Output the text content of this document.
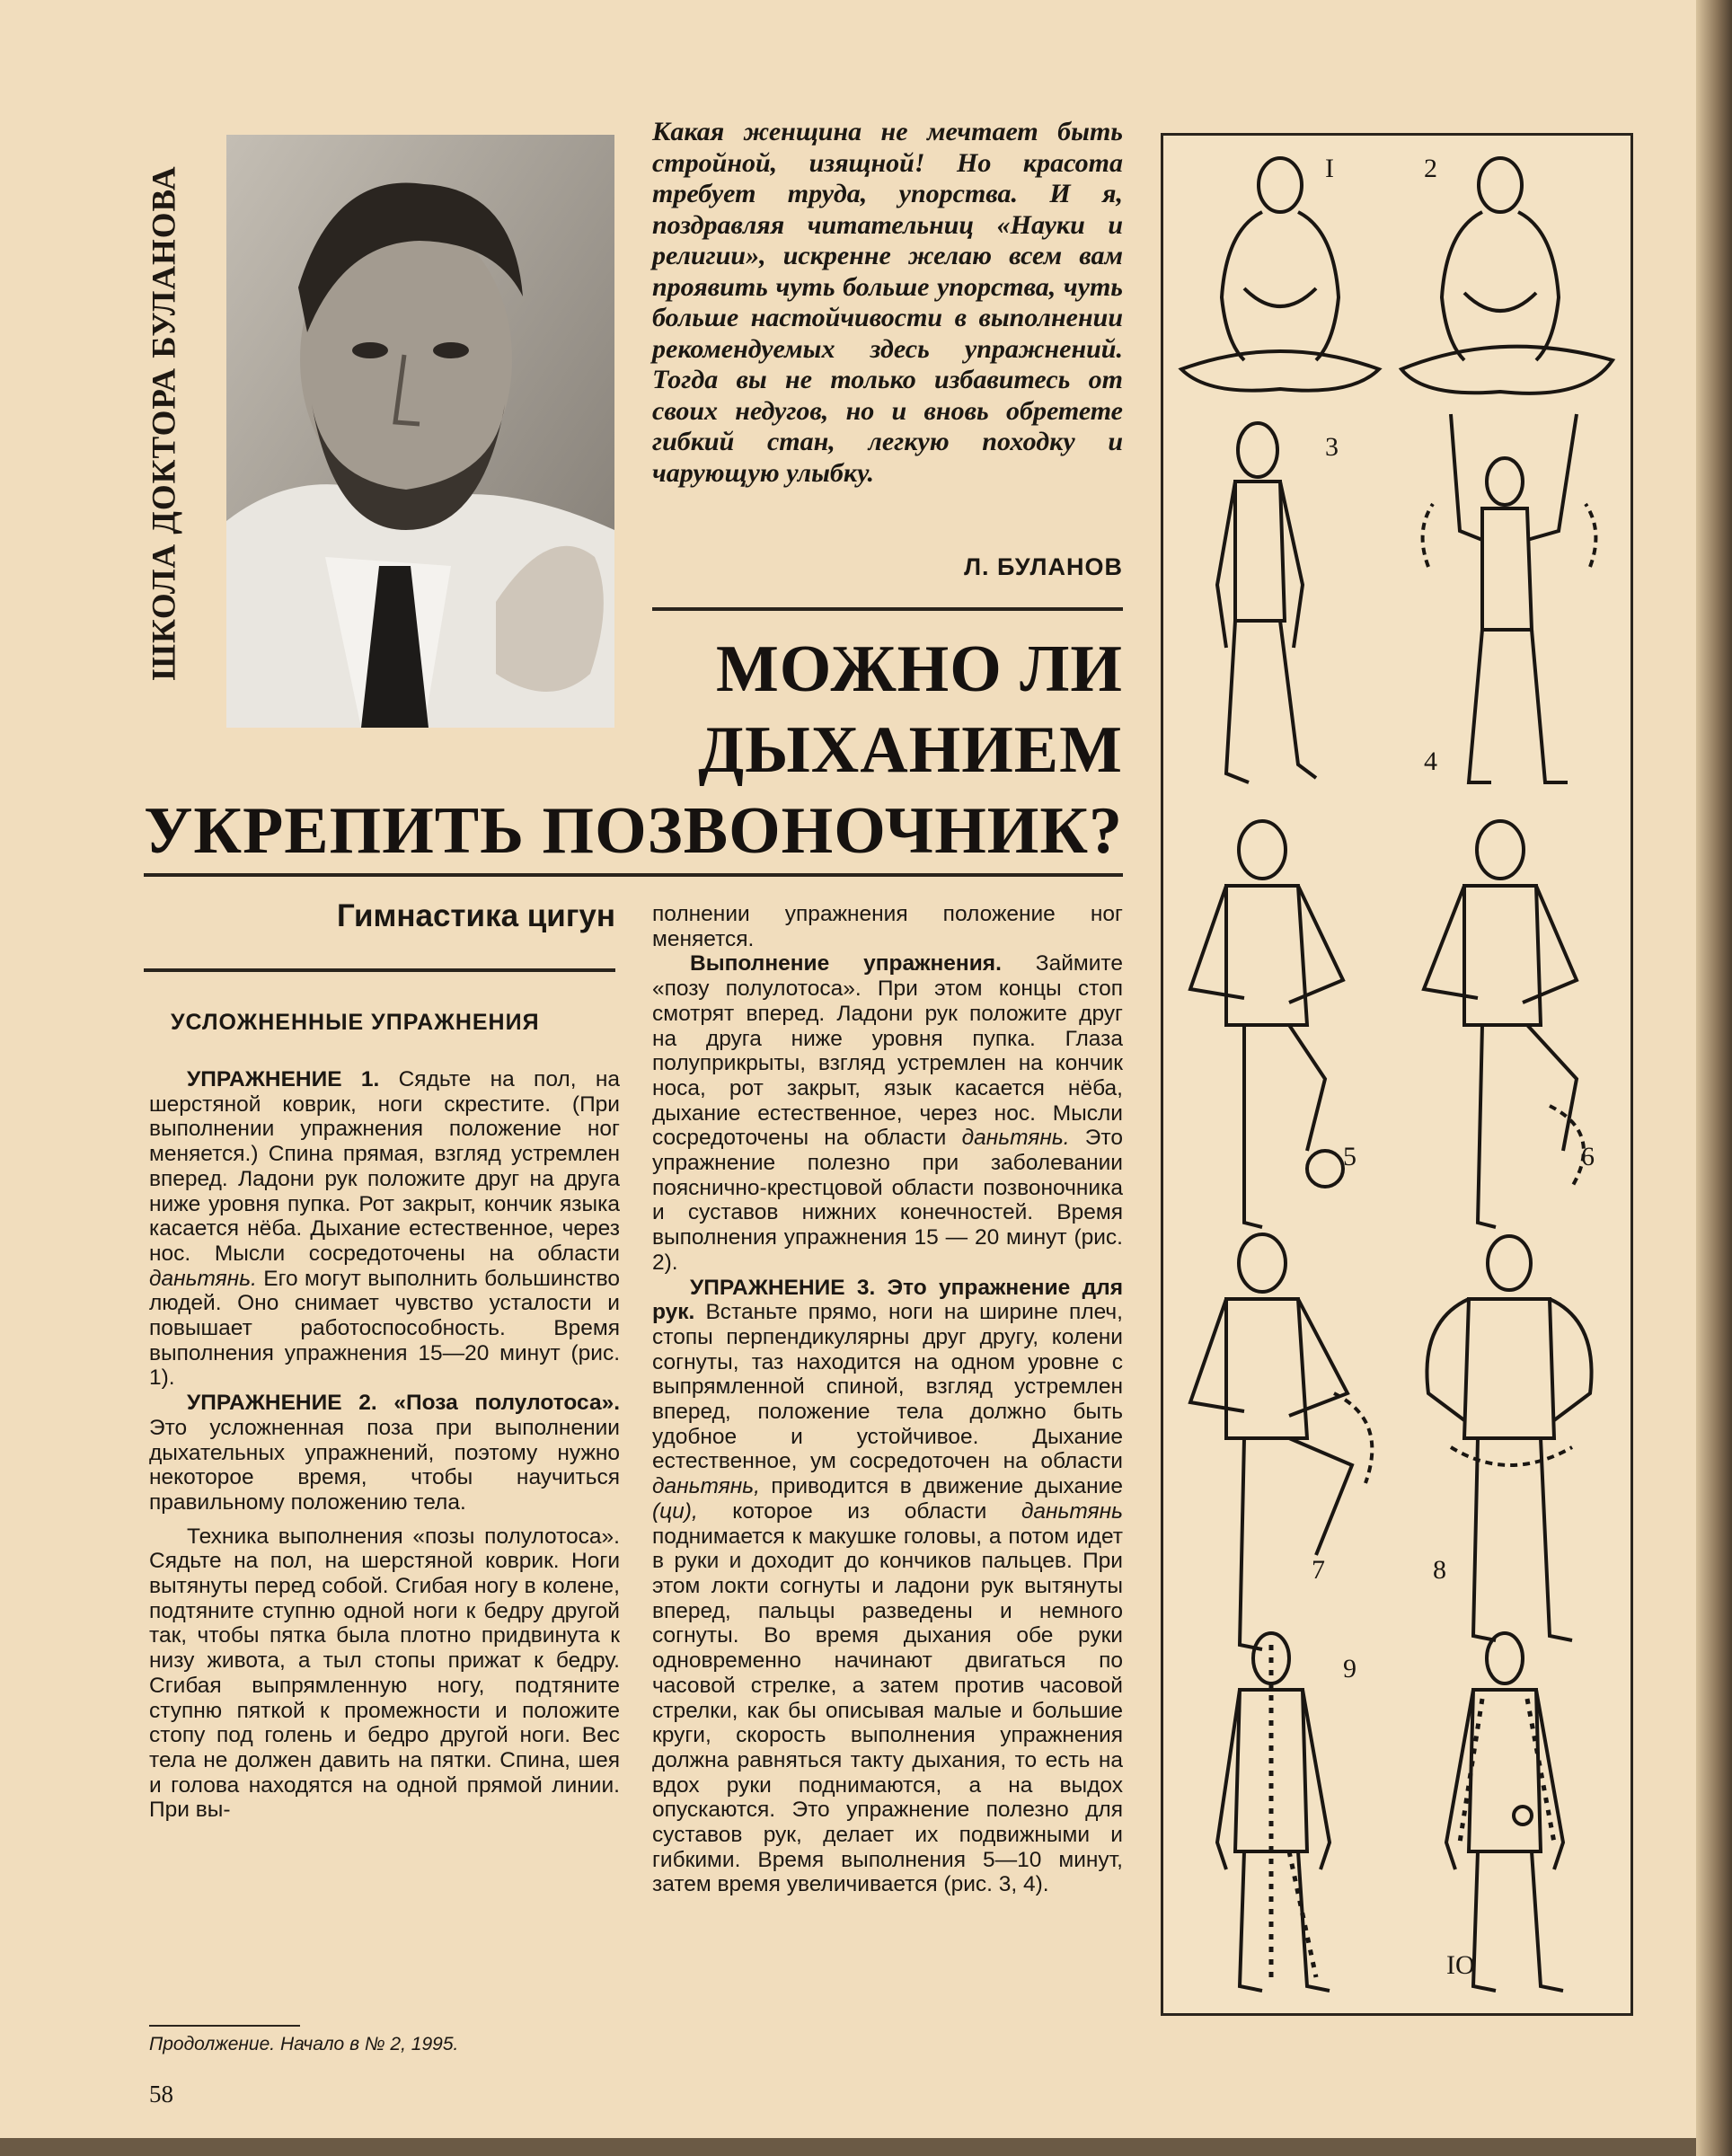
ШКОЛА ДОКТОРА БУЛАНОВА
Какая женщина не мечтает быть стройной, изящной! Но красота требует труда, упорства. И я, поздравляя читательниц «Науки и религии», искренне желаю всем вам проявить чуть больше упорства, чуть больше настойчивости в выполнении рекомендуемых здесь упражнений. Тогда вы не только избавитесь от своих недугов, но и вновь обретете гибкий стан, легкую походку и чарующую улыбку.
Л. БУЛАНОВ
МОЖНО ЛИ
ДЫХАНИЕМ
УКРЕПИТЬ ПОЗВОНОЧНИК?
Гимнастика цигун
УСЛОЖНЕННЫЕ УПРАЖНЕНИЯ

УПРАЖНЕНИЕ 1. Сядьте на пол, на шерстяной коврик, ноги скрестите. (При выполнении упражнения положение ног меняется.) Спина прямая, взгляд устремлен вперед. Ладони рук положите друг на друга ниже уровня пупка. Рот закрыт, кончик языка касается нёба. Дыхание естественное, через нос. Мысли сосредоточены на области даньтянь. Его могут выполнить большинство людей. Оно снимает чувство усталости и повышает работоспособность. Время выполнения упражнения 15—20 минут (рис. 1).

УПРАЖНЕНИЕ 2. «Поза полулотоса». Это усложненная поза при выполнении дыхательных упражнений, поэтому нужно некоторое время, чтобы научиться правильному положению тела.

Техника выполнения «позы полулотоса». Сядьте на пол, на шерстяной коврик. Ноги вытянуты перед собой. Сгибая ногу в колене, подтяните ступню одной ноги к бедру другой так, чтобы пятка была плотно придвинута к низу живота, а тыл стопы прижат к бедру. Сгибая выпрямленную ногу, подтяните ступню пяткой к промежности и положите стопу под голень и бедро другой ноги. Вес тела не должен давить на пятки. Спина, шея и голова находятся на одной прямой линии. При вы-

полнении упражнения положение ног меняется.

Выполнение упражнения. Займите «позу полулотоса». При этом концы стоп смотрят вперед. Ладони рук положите друг на друга ниже уровня пупка. Глаза полуприкрыты, взгляд устремлен на кончик носа, рот закрыт, язык касается нёба, дыхание естественное, через нос. Мысли сосредоточены на области даньтянь. Это упражнение полезно при заболевании пояснично-крестцовой области позвоночника и суставов нижних конечностей. Время выполнения упражнения 15 — 20 минут (рис. 2).

УПРАЖНЕНИЕ 3. Это упражнение для рук. Встаньте прямо, ноги на ширине плеч, стопы перпендикулярны друг другу, колени согнуты, таз находится на одном уровне с выпрямленной спиной, взгляд устремлен вперед, положение тела должно быть удобное и устойчивое. Дыхание естественное, ум сосредоточен на области даньтянь, приводится в движение дыхание (ци), которое из области даньтянь поднимается к макушке головы, а потом идет в руки и доходит до кончиков пальцев. При этом локти согнуты и ладони рук вытянуты вперед, пальцы разведены и немного согнуты. Во время дыхания обе руки одновременно начинают двигаться по часовой стрелке, а затем против часовой стрелки, как бы описывая малые и большие круги, скорость выполнения упражнения должна равняться такту дыхания, то есть на вдох руки поднимаются, а на выдох опускаются. Это упражнение полезно для суставов рук, делает их подвижными и гибкими. Время выполнения 5—10 минут, затем время увеличивается (рис. 3, 4).

Продолжение. Начало в № 2, 1995.
58
I	2
3
4
5	6
7	8
9
IO
